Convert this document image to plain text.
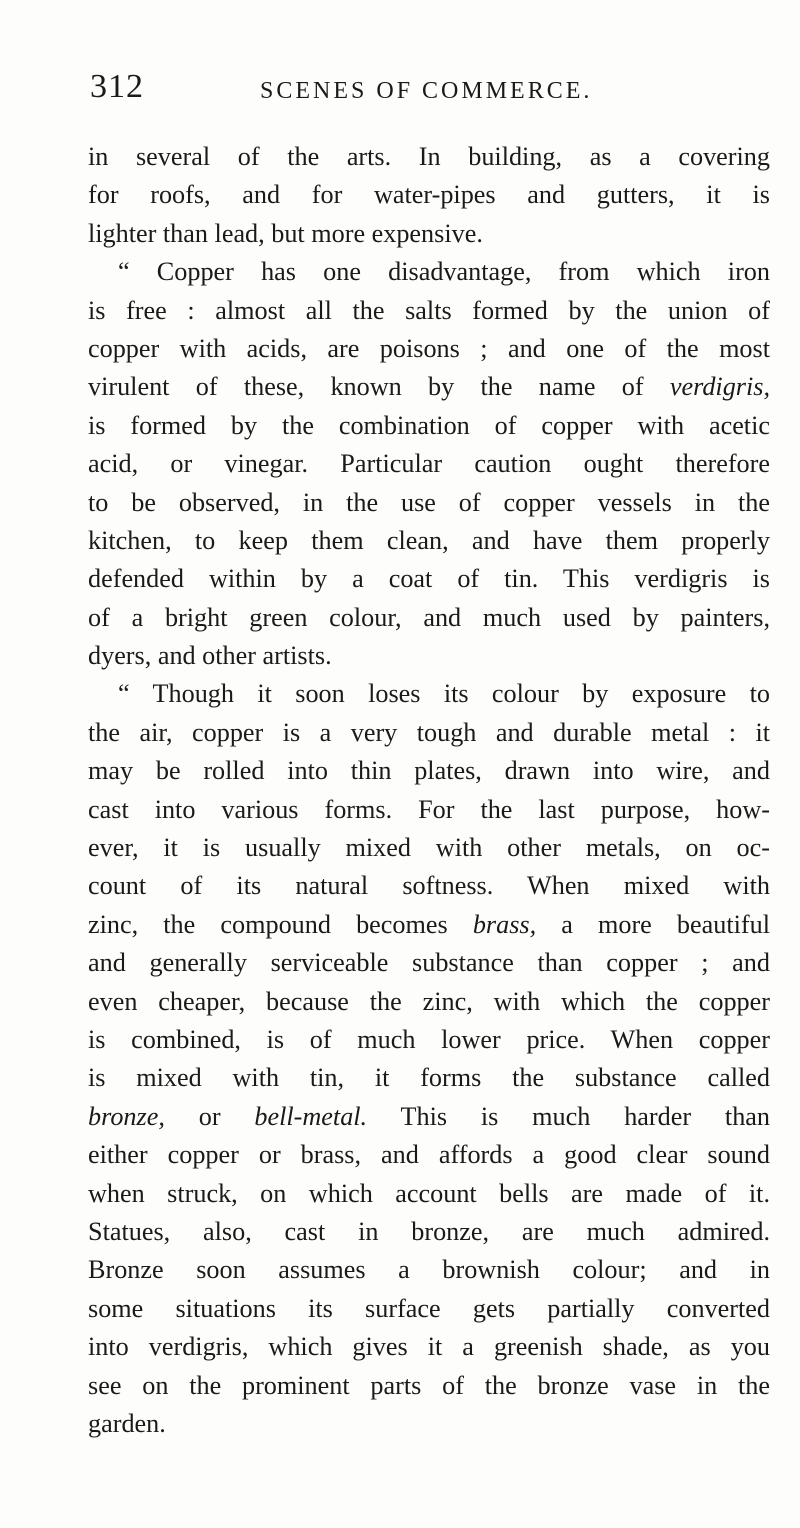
312	SCENES OF COMMERCE.
in several of the arts. In building, as a covering
for roofs, and for water-pipes and gutters, it is
lighter than lead, but more expensive.
“ Copper has one disadvantage, from which iron
is free : almost all the salts formed by the union of
copper with acids, are poisons ; and one of the most
virulent of these, known by the name of verdigris,
is formed by the combination of copper with acetic
acid, or vinegar. Particular caution ought therefore
to be observed, in the use of copper vessels in the
kitchen, to keep them clean, and have them properly
defended within by a coat of tin. This verdigris is
of a bright green colour, and much used by painters,
dyers, and other artists.
“ Though it soon loses its colour by exposure to
the air, copper is a very tough and durable metal : it
may be rolled into thin plates, drawn into wire, and
cast into various forms. For the last purpose, how-
ever, it is usually mixed with other metals, on oc-
count of its natural softness. When mixed with
zinc, the compound becomes brass, a more beautiful
and generally serviceable substance than copper ; and
even cheaper, because the zinc, with which the copper
is combined, is of much lower price. When copper
is mixed with tin, it forms the substance called
bronze, or bell-metal. This is much harder than
either copper or brass, and affords a good clear sound
when struck, on which account bells are made of it.
Statues, also, cast in bronze, are much admired.
Bronze soon assumes a brownish colour; and in
some situations its surface gets partially converted
into verdigris, which gives it a greenish shade, as you
see on the prominent parts of the bronze vase in the
garden.
